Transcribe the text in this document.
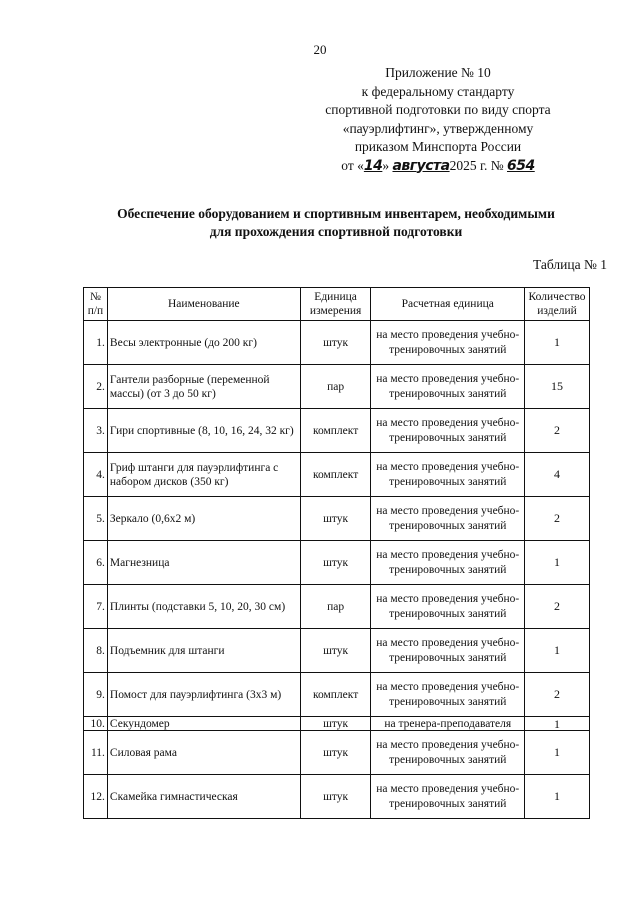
20
Приложение № 10
к федеральному стандарту
спортивной подготовки по виду спорта
«пауэрлифтинг», утвержденному
приказом Минспорта России
от «14» августа2025 г. № 654
Обеспечение оборудованием и спортивным инвентарем, необходимыми
для прохождения спортивной подготовки
Таблица № 1
№ п/п	Наименование	Единица измерения	Расчетная единица	Количество изделий
1.	Весы электронные (до 200 кг)	штук	на место проведения учебно-тренировочных занятий	1
2.	Гантели разборные (переменной массы) (от 3 до 50 кг)	пар	на место проведения учебно-тренировочных занятий	15
3.	Гири спортивные (8, 10, 16, 24, 32 кг)	комплект	на место проведения учебно-тренировочных занятий	2
4.	Гриф штанги для пауэрлифтинга с набором дисков (350 кг)	комплект	на место проведения учебно-тренировочных занятий	4
5.	Зеркало (0,6х2 м)	штук	на место проведения учебно-тренировочных занятий	2
6.	Магнезница	штук	на место проведения учебно-тренировочных занятий	1
7.	Плинты (подставки 5, 10, 20, 30 см)	пар	на место проведения учебно-тренировочных занятий	2
8.	Подъемник для штанги	штук	на место проведения учебно-тренировочных занятий	1
9.	Помост для пауэрлифтинга (3х3 м)	комплект	на место проведения учебно-тренировочных занятий	2
10.	Секундомер	штук	на тренера-преподавателя	1
11.	Силовая рама	штук	на место проведения учебно-тренировочных занятий	1
12.	Скамейка гимнастическая	штук	на место проведения учебно-тренировочных занятий	1
